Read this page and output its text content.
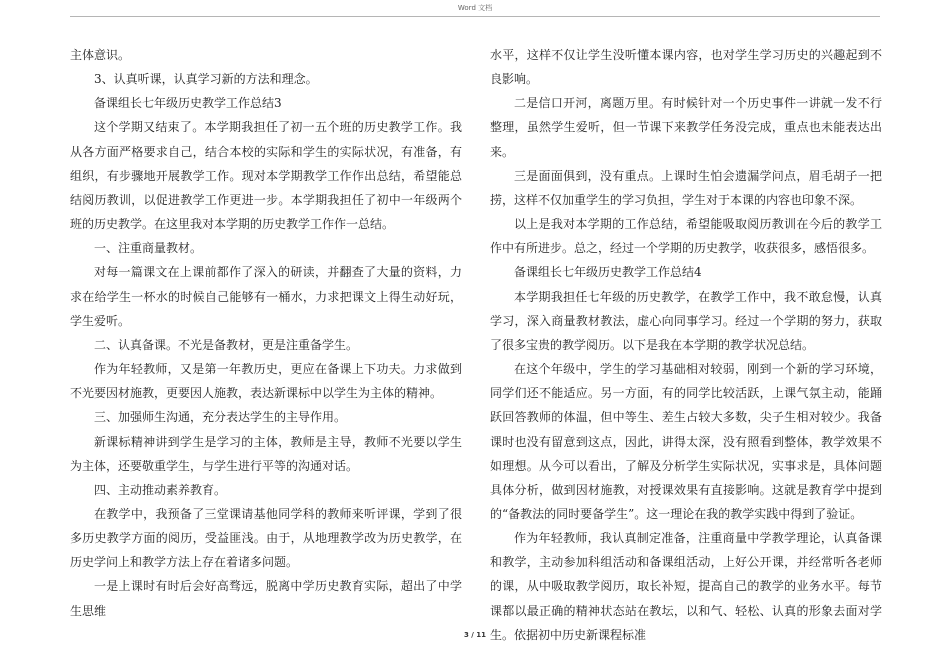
Word 文档

主体意识。

3、认真听课，认真学习新的方法和理念。

备课组长七年级历史教学工作总结3

这个学期又结束了。本学期我担任了初一五个班的历史教学工作。我从各方面严格要求自己，结合本校的实际和学生的实际状况，有准备，有组织，有步骤地开展教学工作。现对本学期教学工作作出总结，希望能总结阅历教训，以促进教学工作更进一步。本学期我担任了初中一年级两个班的历史教学。在这里我对本学期的历史教学工作作一总结。

一、注重商量教材。

对每一篇课文在上课前都作了深入的研读，并翻查了大量的资料，力求在给学生一杯水的时候自己能够有一桶水，力求把课文上得生动好玩，学生爱听。

二、认真备课。不光是备教材，更是注重备学生。

作为年轻教师，又是第一年教历史，更应在备课上下功夫。力求做到不光要因材施教，更要因人施教，表达新课标中以学生为主体的精神。

三、加强师生沟通，充分表达学生的主导作用。

新课标精神讲到学生是学习的主体，教师是主导，教师不光要以学生为主体，还要敬重学生，与学生进行平等的沟通对话。

四、主动推动素养教育。

在教学中，我预备了三堂课请基他同学科的教师来听评课，学到了很多历史教学方面的阅历，受益匪浅。由于，从地理教学改为历史教学，在历史学问上和教学方法上存在着诸多问题。

一是上课时有时后会好高骛远，脱离中学历史教育实际，超出了中学生思维

水平，这样不仅让学生没听懂本课内容，也对学生学习历史的兴趣起到不良影响。

二是信口开河，离题万里。有时候针对一个历史事件一讲就一发不行整理，虽然学生爱听，但一节课下来教学任务没完成，重点也未能表达出来。

三是面面俱到，没有重点。上课时生怕会遗漏学问点，眉毛胡子一把捞，这样不仅加重学生的学习负担，学生对于本课的内容也印象不深。

以上是我对本学期的工作总结，希望能吸取阅历教训在今后的教学工作中有所进步。总之，经过一个学期的历史教学，收获很多，感悟很多。

备课组长七年级历史教学工作总结4

本学期我担任七年级的历史教学，在教学工作中，我不敢怠慢，认真学习，深入商量教材教法，虚心向同事学习。经过一个学期的努力，获取了很多宝贵的教学阅历。以下是我在本学期的教学状况总结。

在这个年级中，学生的学习基础相对较弱，刚到一个新的学习环境，同学们还不能适应。另一方面，有的同学比较活跃，上课气氛主动，能踊跃回答教师的体温，但中等生、差生占较大多数，尖子生相对较少。我备课时也没有留意到这点，因此，讲得太深，没有照看到整体，教学效果不如理想。从今可以看出，了解及分析学生实际状况，实事求是，具体问题具体分析，做到因材施教，对授课效果有直接影响。这就是教育学中提到的“备教法的同时要备学生”。这一理论在我的教学实践中得到了验证。

作为年轻教师，我认真制定准备，注重商量中学教学理论，认真备课和教学，主动参加科组活动和备课组活动，上好公开课，并经常听各老师的课，从中吸取教学阅历，取长补短，提高自己的教学的业务水平。每节课都以最正确的精神状态站在教坛，以和气、轻松、认真的形象去面对学生。依据初中历史新课程标准

3 / 11
